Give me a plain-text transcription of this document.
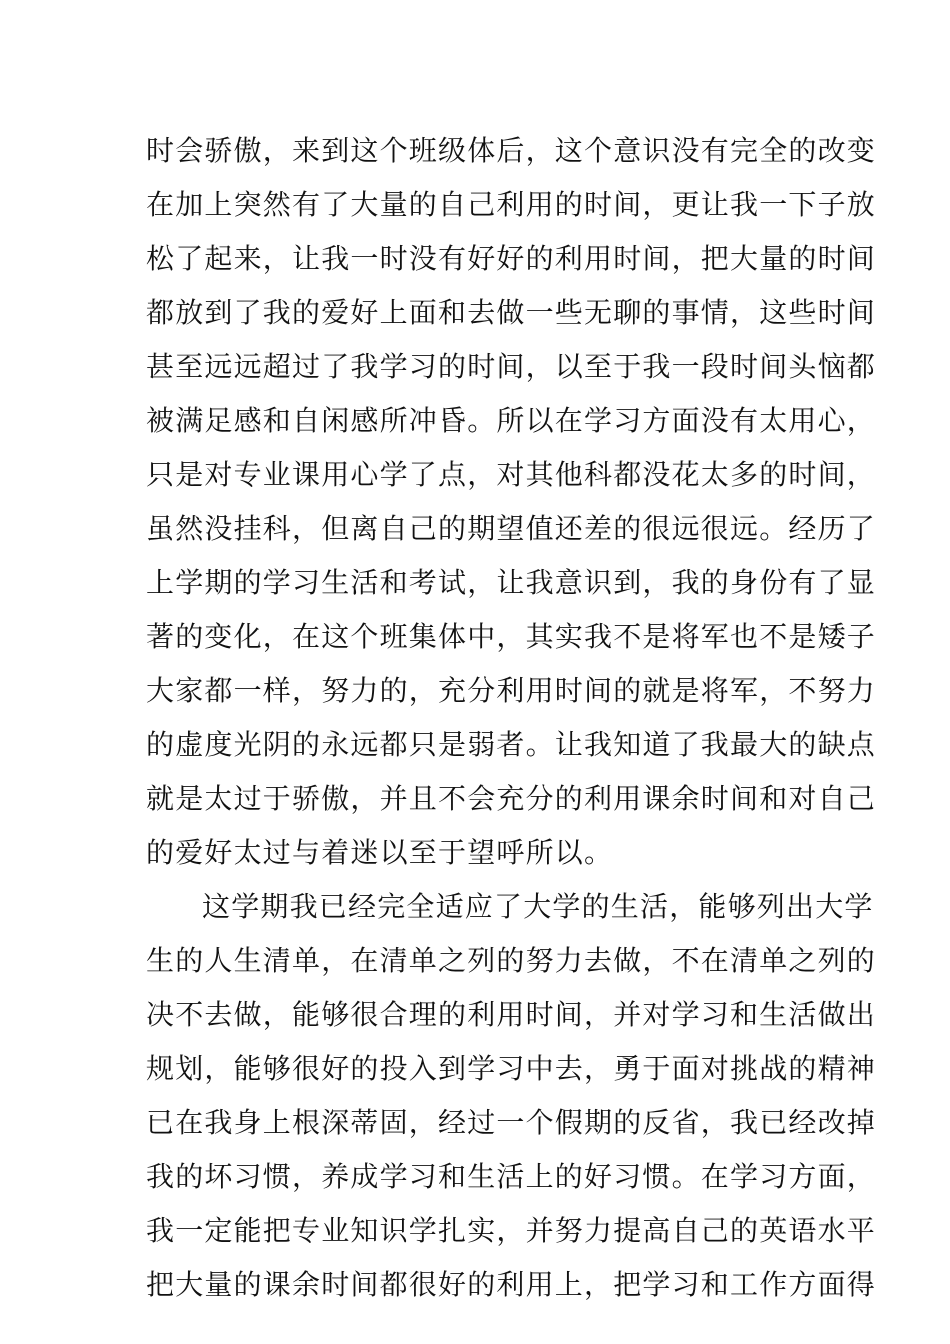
时会骄傲，来到这个班级体后，这个意识没有完全的改变
在加上突然有了大量的自己利用的时间，更让我一下子放
松了起来，让我一时没有好好的利用时间，把大量的时间
都放到了我的爱好上面和去做一些无聊的事情，这些时间
甚至远远超过了我学习的时间，以至于我一段时间头恼都
被满足感和自闲感所冲昏。所以在学习方面没有太用心，
只是对专业课用心学了点，对其他科都没花太多的时间，
虽然没挂科，但离自己的期望值还差的很远很远。经历了
上学期的学习生活和考试，让我意识到，我的身份有了显
著的变化，在这个班集体中，其实我不是将军也不是矮子
大家都一样，努力的，充分利用时间的就是将军，不努力
的虚度光阴的永远都只是弱者。让我知道了我最大的缺点
就是太过于骄傲，并且不会充分的利用课余时间和对自己
的爱好太过与着迷以至于望呼所以。
这学期我已经完全适应了大学的生活，能够列出大学
生的人生清单，在清单之列的努力去做，不在清单之列的
决不去做，能够很合理的利用时间，并对学习和生活做出
规划，能够很好的投入到学习中去，勇于面对挑战的精神
已在我身上根深蒂固，经过一个假期的反省，我已经改掉
我的坏习惯，养成学习和生活上的好习惯。在学习方面，
我一定能把专业知识学扎实，并努力提高自己的英语水平
把大量的课余时间都很好的利用上，把学习和工作方面得
